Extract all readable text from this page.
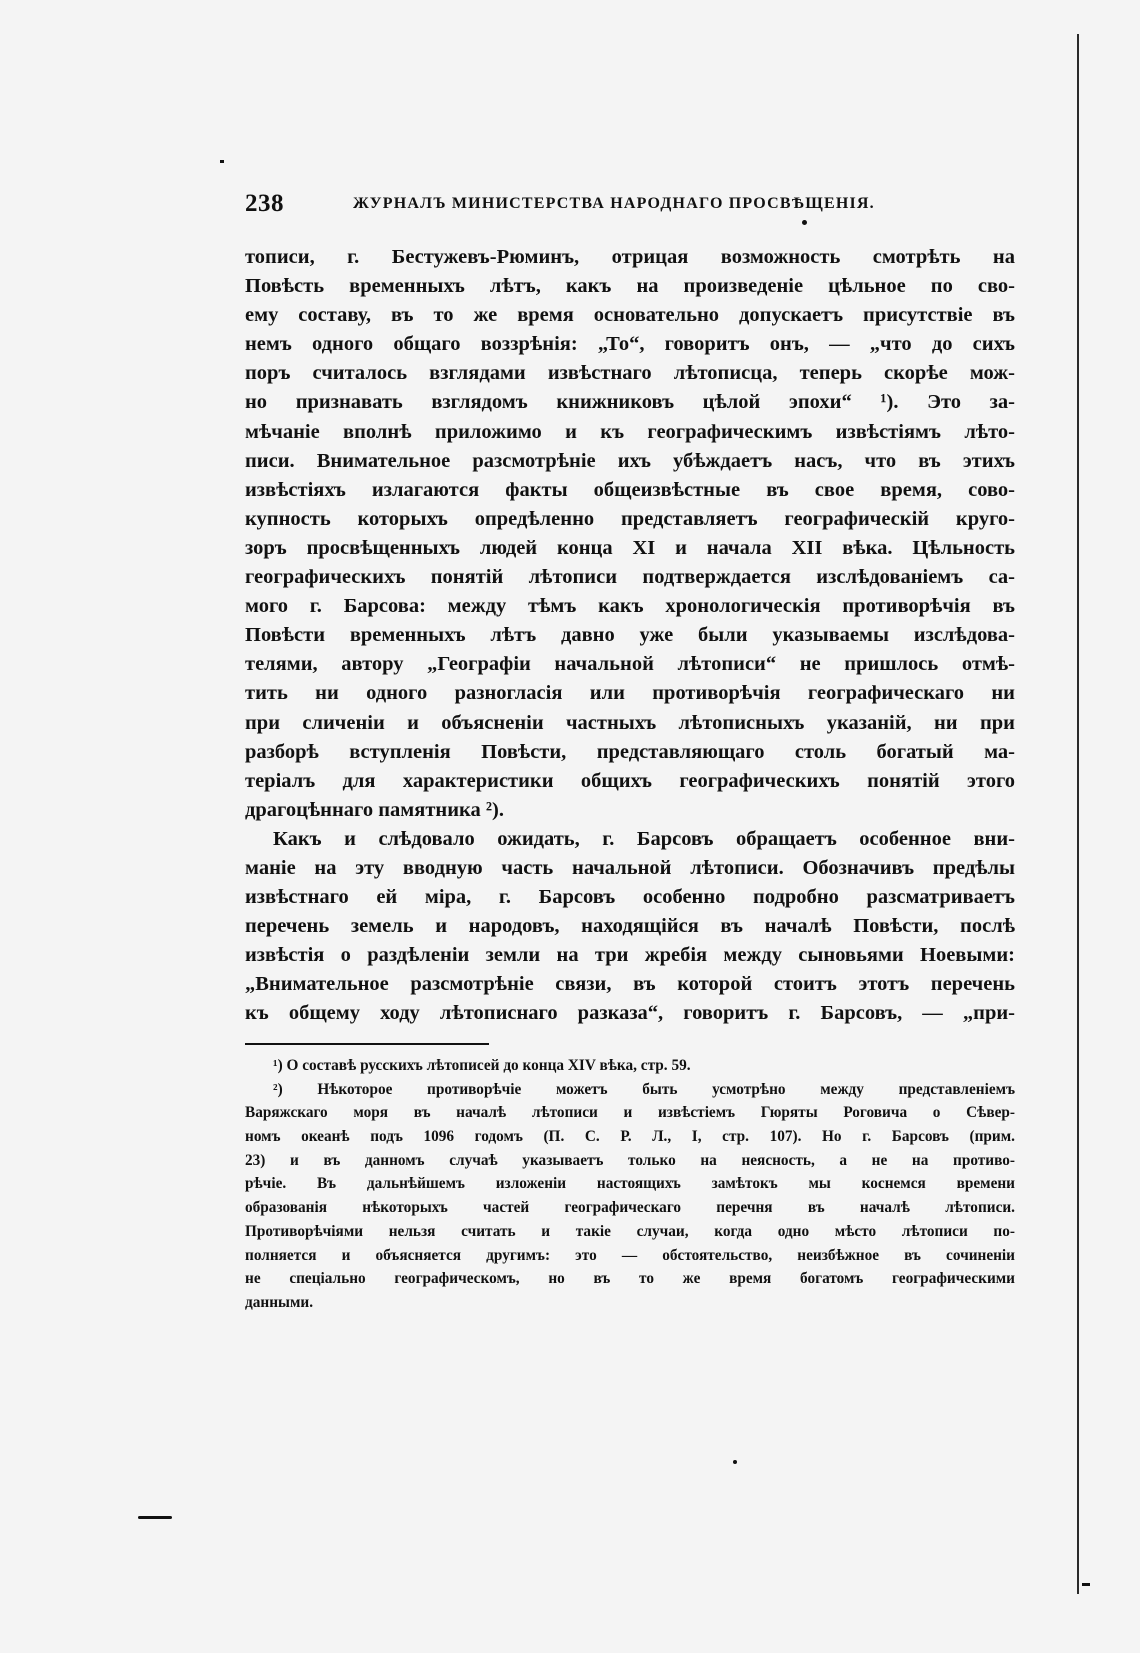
238	ЖУРНАЛЪ МИНИСТЕРСТВА НАРОДНАГО ПРОСВѢЩЕНІЯ.
тописи, г. Бестужевъ-Рюминъ, отрицая возможность смотрѣть на
Повѣсть временныхъ лѣтъ, какъ на произведеніе цѣльное по сво-
ему составу, въ то же время основательно допускаетъ присутствіе въ
немъ одного общаго воззрѣнія: „То“, говоритъ онъ, — „что до сихъ
поръ считалось взглядами извѣстнаго лѣтописца, теперь скорѣе мож-
но признавать взглядомъ книжниковъ цѣлой эпохи“ ¹). Это за-
мѣчаніе вполнѣ приложимо и къ географическимъ извѣстіямъ лѣто-
писи. Внимательное разсмотрѣніе ихъ убѣждаетъ насъ, что въ этихъ
извѣстіяхъ излагаются факты общеизвѣстные въ свое время, сово-
купность которыхъ опредѣленно представляетъ географическій круго-
зоръ просвѣщенныхъ людей конца XI и начала XII вѣка. Цѣльность
географическихъ понятій лѣтописи подтверждается изслѣдованіемъ са-
мого г. Барсова: между тѣмъ какъ хронологическія противорѣчія въ
Повѣсти временныхъ лѣтъ давно уже были указываемы изслѣдова-
телями, автору „Географіи начальной лѣтописи“ не пришлось отмѣ-
тить ни одного разногласія или противорѣчія географическаго ни
при сличеніи и объясненіи частныхъ лѣтописныхъ указаній, ни при
разборѣ вступленія Повѣсти, представляющаго столь богатый ма-
теріалъ для характеристики общихъ географическихъ понятій этого
драгоцѣннаго памятника ²).
Какъ и слѣдовало ожидать, г. Барсовъ обращаетъ особенное вни-
маніе на эту вводную часть начальной лѣтописи. Обозначивъ предѣлы
извѣстнаго ей міра, г. Барсовъ особенно подробно разсматриваетъ
перечень земель и народовъ, находящійся въ началѣ Повѣсти, послѣ
извѣстія о раздѣленіи земли на три жребія между сыновьями Ноевыми:
„Внимательное разсмотрѣніе связи, въ которой стоитъ этотъ перечень
къ общему ходу лѣтописнаго разказа“, говоритъ г. Барсовъ, — „при-
¹) О составѣ русскихъ лѣтописей до конца XIV вѣка, стр. 59.
²) Нѣкоторое противорѣчіе можетъ быть усмотрѣно между представленіемъ
Варяжскаго моря въ началѣ лѣтописи и извѣстіемъ Гюряты Роговича о Сѣвер-
номъ океанѣ подъ 1096 годомъ (П. С. Р. Л., I, стр. 107). Но г. Барсовъ (прим.
23) и въ данномъ случаѣ указываетъ только на неясность, а не на противо-
рѣчіе. Въ дальнѣйшемъ изложеніи настоящихъ замѣтокъ мы коснемся времени
образованія нѣкоторыхъ частей географическаго перечня въ началѣ лѣтописи.
Противорѣчіями нельзя считать и такіе случаи, когда одно мѣсто лѣтописи по-
полняется и объясняется другимъ: это — обстоятельство, неизбѣжное въ сочиненіи
не спеціально географическомъ, но въ то же время богатомъ географическими
данными.
